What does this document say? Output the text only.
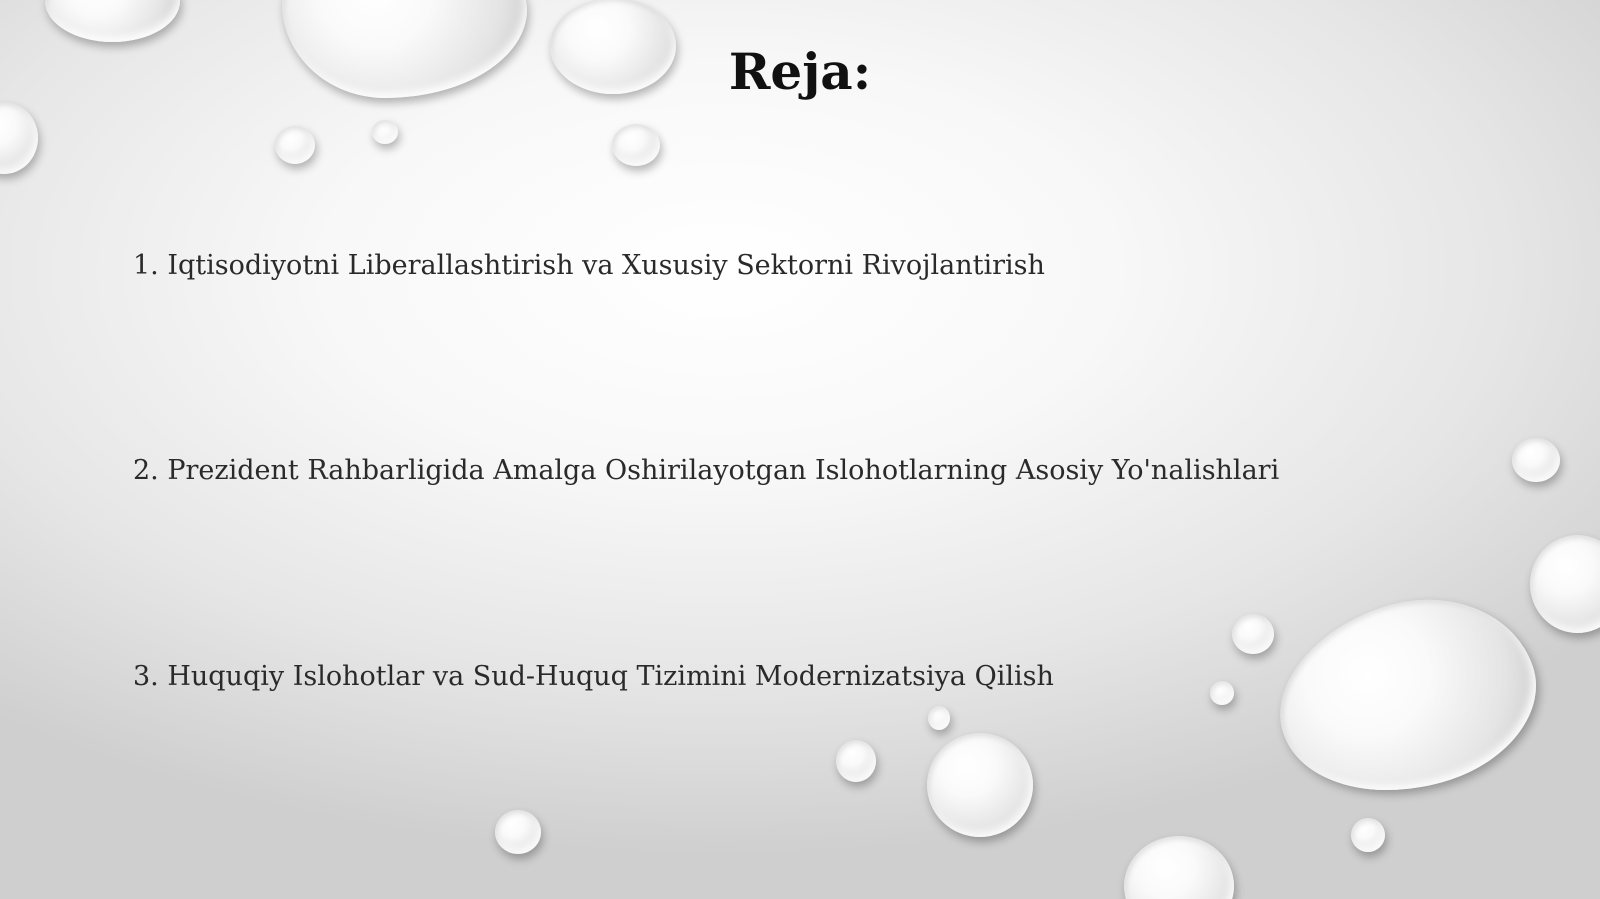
Reja:

1. Iqtisodiyotni Liberallashtirish va Xususiy Sektorni Rivojlantirish

2. Prezident Rahbarligida Amalga Oshirilayotgan Islohotlarning Asosiy Yo'nalishlari

3. Huquqiy Islohotlar va Sud-Huquq Tizimini Modernizatsiya Qilish
